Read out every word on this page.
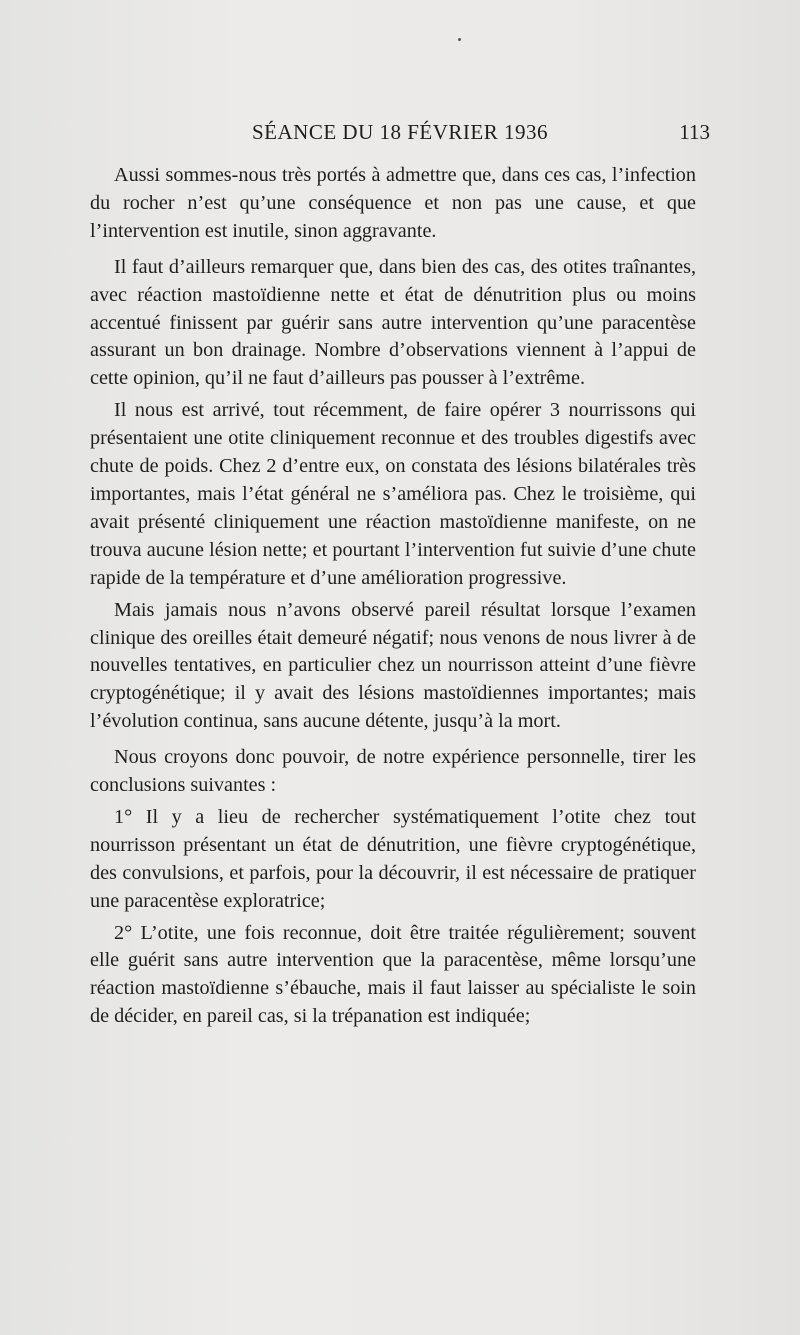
SÉANCE DU 18 FÉVRIER 1936	113

Aussi sommes-nous très portés à admettre que, dans ces cas, l’infection du rocher n’est qu’une conséquence et non pas une cause, et que l’intervention est inutile, sinon aggravante.

Il faut d’ailleurs remarquer que, dans bien des cas, des otites traînantes, avec réaction mastoïdienne nette et état de dénutrition plus ou moins accentué finissent par guérir sans autre intervention qu’une paracentèse assurant un bon drainage. Nombre d’observations viennent à l’appui de cette opinion, qu’il ne faut d’ailleurs pas pousser à l’extrême.

Il nous est arrivé, tout récemment, de faire opérer 3 nourrissons qui présentaient une otite cliniquement reconnue et des troubles digestifs avec chute de poids. Chez 2 d’entre eux, on constata des lésions bilatérales très importantes, mais l’état général ne s’améliora pas. Chez le troisième, qui avait présenté cliniquement une réaction mastoïdienne manifeste, on ne trouva aucune lésion nette; et pourtant l’intervention fut suivie d’une chute rapide de la température et d’une amélioration progressive.

Mais jamais nous n’avons observé pareil résultat lorsque l’examen clinique des oreilles était demeuré négatif; nous venons de nous livrer à de nouvelles tentatives, en particulier chez un nourrisson atteint d’une fièvre cryptogénétique; il y avait des lésions mastoïdiennes importantes; mais l’évolution continua, sans aucune détente, jusqu’à la mort.

Nous croyons donc pouvoir, de notre expérience personnelle, tirer les conclusions suivantes :

1° Il y a lieu de rechercher systématiquement l’otite chez tout nourrisson présentant un état de dénutrition, une fièvre cryptogénétique, des convulsions, et parfois, pour la découvrir, il est nécessaire de pratiquer une paracentèse exploratrice;

2° L’otite, une fois reconnue, doit être traitée régulièrement; souvent elle guérit sans autre intervention que la paracentèse, même lorsqu’une réaction mastoïdienne s’ébauche, mais il faut laisser au spécialiste le soin de décider, en pareil cas, si la trépanation est indiquée;
